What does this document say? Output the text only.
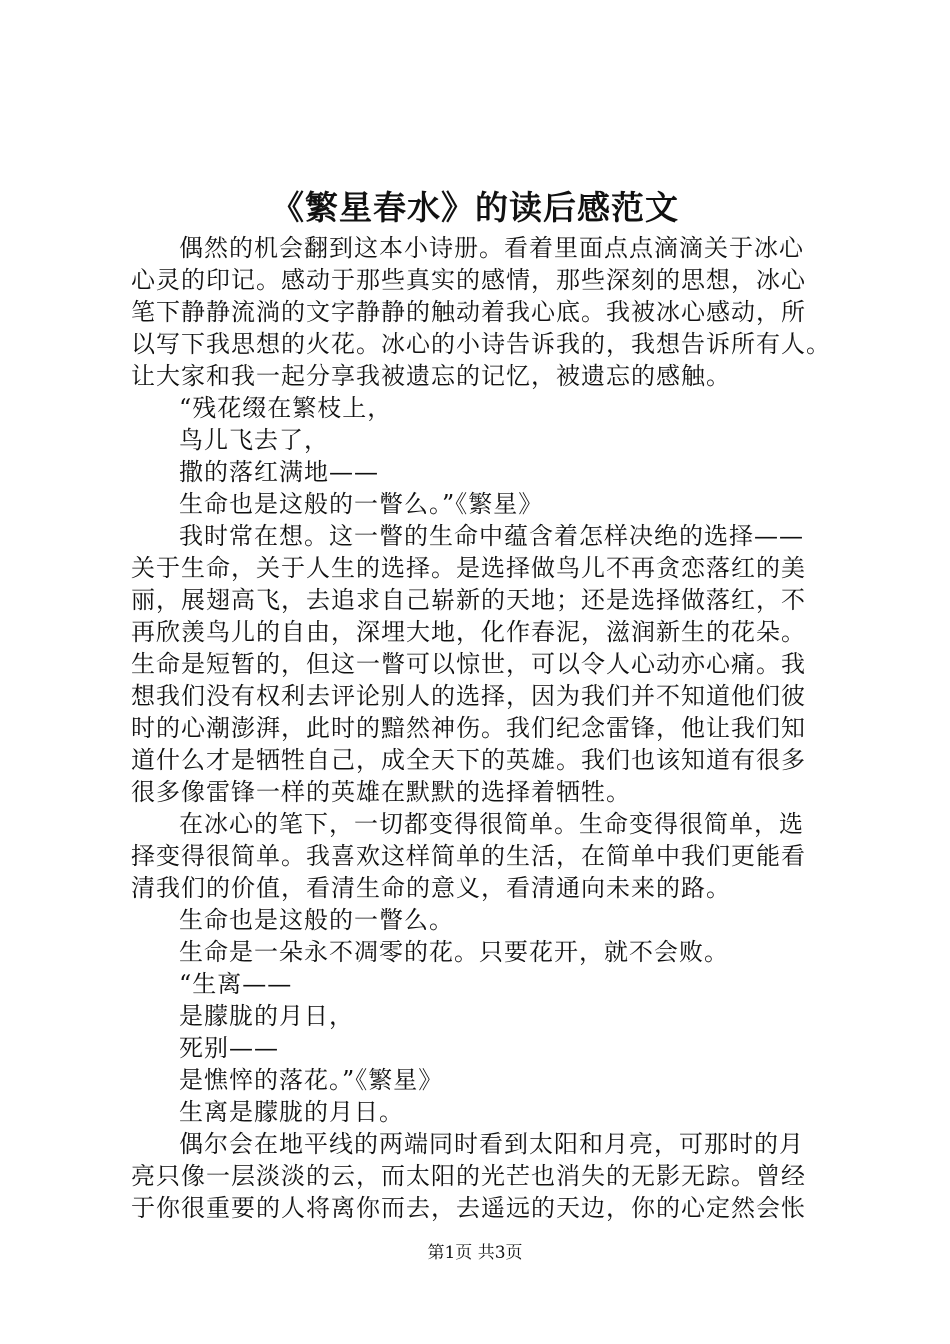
《繁星春水》的读后感范文
偶然的机会翻到这本小诗册。看着里面点点滴滴关于冰心
心灵的印记。感动于那些真实的感情，那些深刻的思想，冰心
笔下静静流淌的文字静静的触动着我心底。我被冰心感动，所
以写下我思想的火花。冰心的小诗告诉我的，我想告诉所有人。
让大家和我一起分享我被遗忘的记忆，被遗忘的感触。
“残花缀在繁枝上，
鸟儿飞去了，
撒的落红满地——
生命也是这般的一瞥么。”《繁星》
我时常在想。这一瞥的生命中蕴含着怎样决绝的选择——
关于生命，关于人生的选择。是选择做鸟儿不再贪恋落红的美
丽，展翅高飞，去追求自己崭新的天地；还是选择做落红，不
再欣羡鸟儿的自由，深埋大地，化作春泥，滋润新生的花朵。
生命是短暂的，但这一瞥可以惊世，可以令人心动亦心痛。我
想我们没有权利去评论别人的选择，因为我们并不知道他们彼
时的心潮澎湃，此时的黯然神伤。我们纪念雷锋，他让我们知
道什么才是牺牲自己，成全天下的英雄。我们也该知道有很多
很多像雷锋一样的英雄在默默的选择着牺牲。
在冰心的笔下，一切都变得很简单。生命变得很简单，选
择变得很简单。我喜欢这样简单的生活，在简单中我们更能看
清我们的价值，看清生命的意义，看清通向未来的路。
生命也是这般的一瞥么。
生命是一朵永不凋零的花。只要花开，就不会败。
“生离——
是朦胧的月日，
死别——
是憔悴的落花。”《繁星》
生离是朦胧的月日。
偶尔会在地平线的两端同时看到太阳和月亮，可那时的月
亮只像一层淡淡的云，而太阳的光芒也消失的无影无踪。曾经
于你很重要的人将离你而去，去遥远的天边，你的心定然会怅
第1页 共3页
